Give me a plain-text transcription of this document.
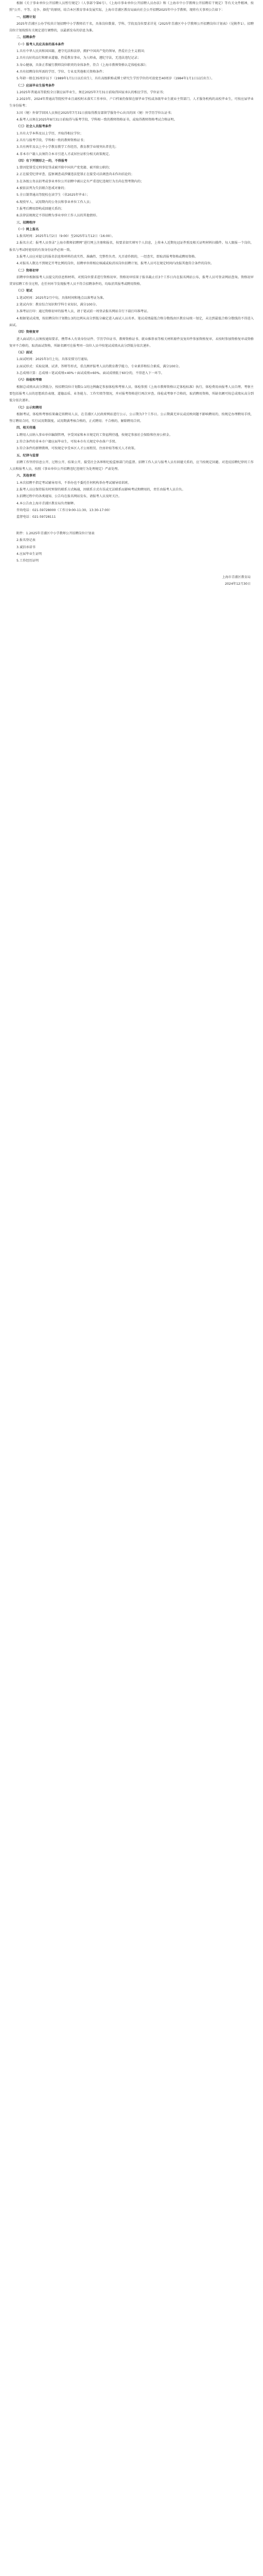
根据《关于事业单位公开招聘人员暂行规定》（人事部令第6号）、《上海市事业单位公开招聘人员办法》和《上海市中小学教师公开招聘若干规定》等有关文件精神，按照“公开、平等、竞争、择优”的原则，结合本区教育事业发展实际，上海市青浦区教育局面向社会公开招聘2025年中小学教师，现将有关事项公告如下：

一、招聘计划

2025年青浦区公办学校共计划招聘中小学教师若干名，具体岗位数量、学科、学段及岗位要求详见《2025年青浦区中小学教师公开招聘岗位计划表》（见附件1）。招聘岗位计划按照有关规定进行调整的，以最新发布的信息为准。

二、招聘条件

（一）报考人员应具备的基本条件

1.具有中华人民共和国国籍，遵守宪法和法律，拥护中国共产党的领导，热爱社会主义祖国；

2.具有良好的品行和职业道德，热爱教育事业，为人师表，遵纪守法，无违法违纪记录；

3.身心健康，具备正常履行教师岗位职责的身体条件，符合《上海市教师资格认定体检标准》；

4.具有招聘岗位所需的学历、学位、专业及其他相关资格条件；

5.年龄一般在35周岁以下（1989年1月1日以后出生），具有高级职称或博士研究生学历学位的可放宽至40周岁（1984年1月1日以后出生）。

（二）应届毕业生报考条件

1.2025年普通高等院校全日制应届毕业生，须在2025年7月31日前取得国家承认的相应学历、学位证书；

2.2023年、2024年普通高等院校毕业且离校时未落实工作单位、户口档案仍保留在原毕业学校或各级毕业生就业主管部门、人才服务机构的高校毕业生，可按应届毕业生身份报考；

3.国（境）外留学回国人员须在2025年7月31日前取得教育部留学服务中心出具的国（境）外学历学位认证书；

4.报考人员须在2025年8月31日前取得与报考学段、学科相一致的教师资格证书，或取得教师资格考试合格证明。

（三）社会人员报考条件

1.具有大学本科及以上学历，并取得相应学位；

2.具有与报考学段、学科相一致的教师资格证书；

3.具有两年及以上中小学教育教学工作经历，教育教学业绩突出者优先；

4.非本市户籍人员须符合本市引进人才或居住证积分相关政策规定。

（四）有下列情形之一的，不得报考

1.曾因犯罪受过刑事处罚或被开除中国共产党党籍、被开除公职的；

2.正在接受纪律审查、监察调查或涉嫌违法犯罪正在接受司法调查尚未作出结论的；

3.在各级公务员招考或事业单位公开招聘中被认定有严重违纪违规行为且尚在禁考期内的；

4.被依法列为失信联合惩戒对象的；

5.全日制普通高等院校在读学生（非2025年毕业）；

6.现役军人、试用期内的公务员和事业单位工作人员；

7.报考后聘用即构成回避关系的；

8.法律法规规定不得招聘为事业单位工作人员的其他情形。

三、招聘程序

（一）网上报名

1.报名时间：2025年1月2日（9:00）至2025年1月12日（16:00）。

2.报名方式：报考人员登录“上海市教师招聘网”进行网上注册和报名，按要求如实填写个人信息，上传本人近期免冠证件照及相关证明材料扫描件。每人限报一个岗位，报名与考试时使用的有效身份证件必须一致。

3.报考人员应对提交的报名信息和材料的真实性、准确性、完整性负责。凡弄虚作假的，一经查实，即取消报考资格或聘用资格。

4.对报名人数达不到规定开考比例的岗位，招聘单位将相应核减或取消该岗位招聘计划，报考人员可在规定时间内改报其他符合条件的岗位。

（二）资格初审

招聘单位根据报考人员提交的信息和材料，对照岗位要求进行资格初审。资格初审结果于报名截止后3个工作日内在报名网站公布，报考人员可登录网站查询。资格初审贯穿招聘工作全过程，在任何环节发现报考人员不符合招聘条件的，均取消其报考或聘用资格。

（三）笔试

1.笔试时间：2025年2月中旬，具体时间和地点以准考证为准。

2.笔试内容：教育综合知识和学科专业知识，满分100分。

3.准考证打印：通过资格初审的报考人员，请于笔试前一周登录报名网站自行下载打印准考证。

4.根据笔试成绩，按招聘岗位计划数1:3的比例从高分到低分确定进入面试人员名单。笔试成绩最低合格分数线由区教育局统一划定，未达到最低合格分数线的不得进入面试。

（四）资格复审

进入面试的人员须按通知要求，携带本人有效身份证件、学历学位证书、教师资格证书、就业推荐表等相关材料原件及复印件参加资格复审。未按时参加资格复审或资格复审不合格的，取消面试资格，所缺名额可在报考同一岗位人员中按笔试成绩从高分到低分依次递补。

（五）面试

1.面试时间：2025年3月上旬，具体安排另行通知。

2.面试形式：采取说课、试讲、答辩等形式，重点测评报考人员的教育教学能力、专业素养和综合素质，满分100分。

3.总成绩计算：总成绩＝笔试成绩×40%＋面试成绩×60%。面试成绩低于60分的，不得进入下一环节。

（六）体检和考察

根据总成绩从高分到低分，按招聘岗位计划数1:1的比例确定参加体检和考察人员。体检参照《上海市教师资格认定体检标准》执行，体检费用由报考人员自理。考察主要包括报考人员的思想政治表现、道德品质、业务能力、工作实绩等情况，并对报考资格进行再次审查。体检或考察不合格的，取消聘用资格，所缺名额可按总成绩从高分到低分依次递补。

（七）公示和聘用

根据考试、体检和考察结果确定拟聘用人员，在青浦区人民政府网站进行公示，公示期为7个工作日。公示期满无异议或反映问题不影响聘用的，按规定办理聘用手续，签订聘用合同，实行试用期制度。试用期满考核合格的，正式聘用；不合格的，解除聘用合同。

四、相关待遇

1.聘用人员纳入事业单位编制管理，享受国家和本市规定的工资福利待遇，按规定参加社会保险和住房公积金。

2.符合条件的非本市户籍应届毕业生，可按本市有关规定申办落户手续。

3.符合条件的新聘教师，可按规定享受本区人才公寓租赁、住房补贴等相关人才政策。

五、纪律与监督

招聘工作坚持信息公开、过程公开、结果公开，接受社会各界和纪检监察部门的监督。招聘工作人员与报考人员有回避关系的，应当按规定回避。对违反招聘纪律的工作人员和报考人员，按照《事业单位公开招聘违纪违规行为处理规定》严肃处理。

六、其他事项

1.本次招聘不指定考试辅导用书，不举办也不委托任何机构举办考试辅导培训班。

2.报考人员应保持报名时预留的联系方式畅通，因联系方式有误或无法联系而影响考试和聘用的，责任由报考人员自负。

3.招聘过程中的各类通知、公告均在报名网站发布，请报考人员及时关注。

4.本公告由上海市青浦区教育局负责解释。

咨询电话：021-59728000（工作日9:00-11:30，13:30-17:00）

监督电话：021-59728111

附件：1.2025年青浦区中小学教师公开招聘岗位计划表

2.报名登记表

3.诚信承诺书

4.应届毕业生证明

5.工作经历证明

上海市青浦区教育局

2024年12月30日
